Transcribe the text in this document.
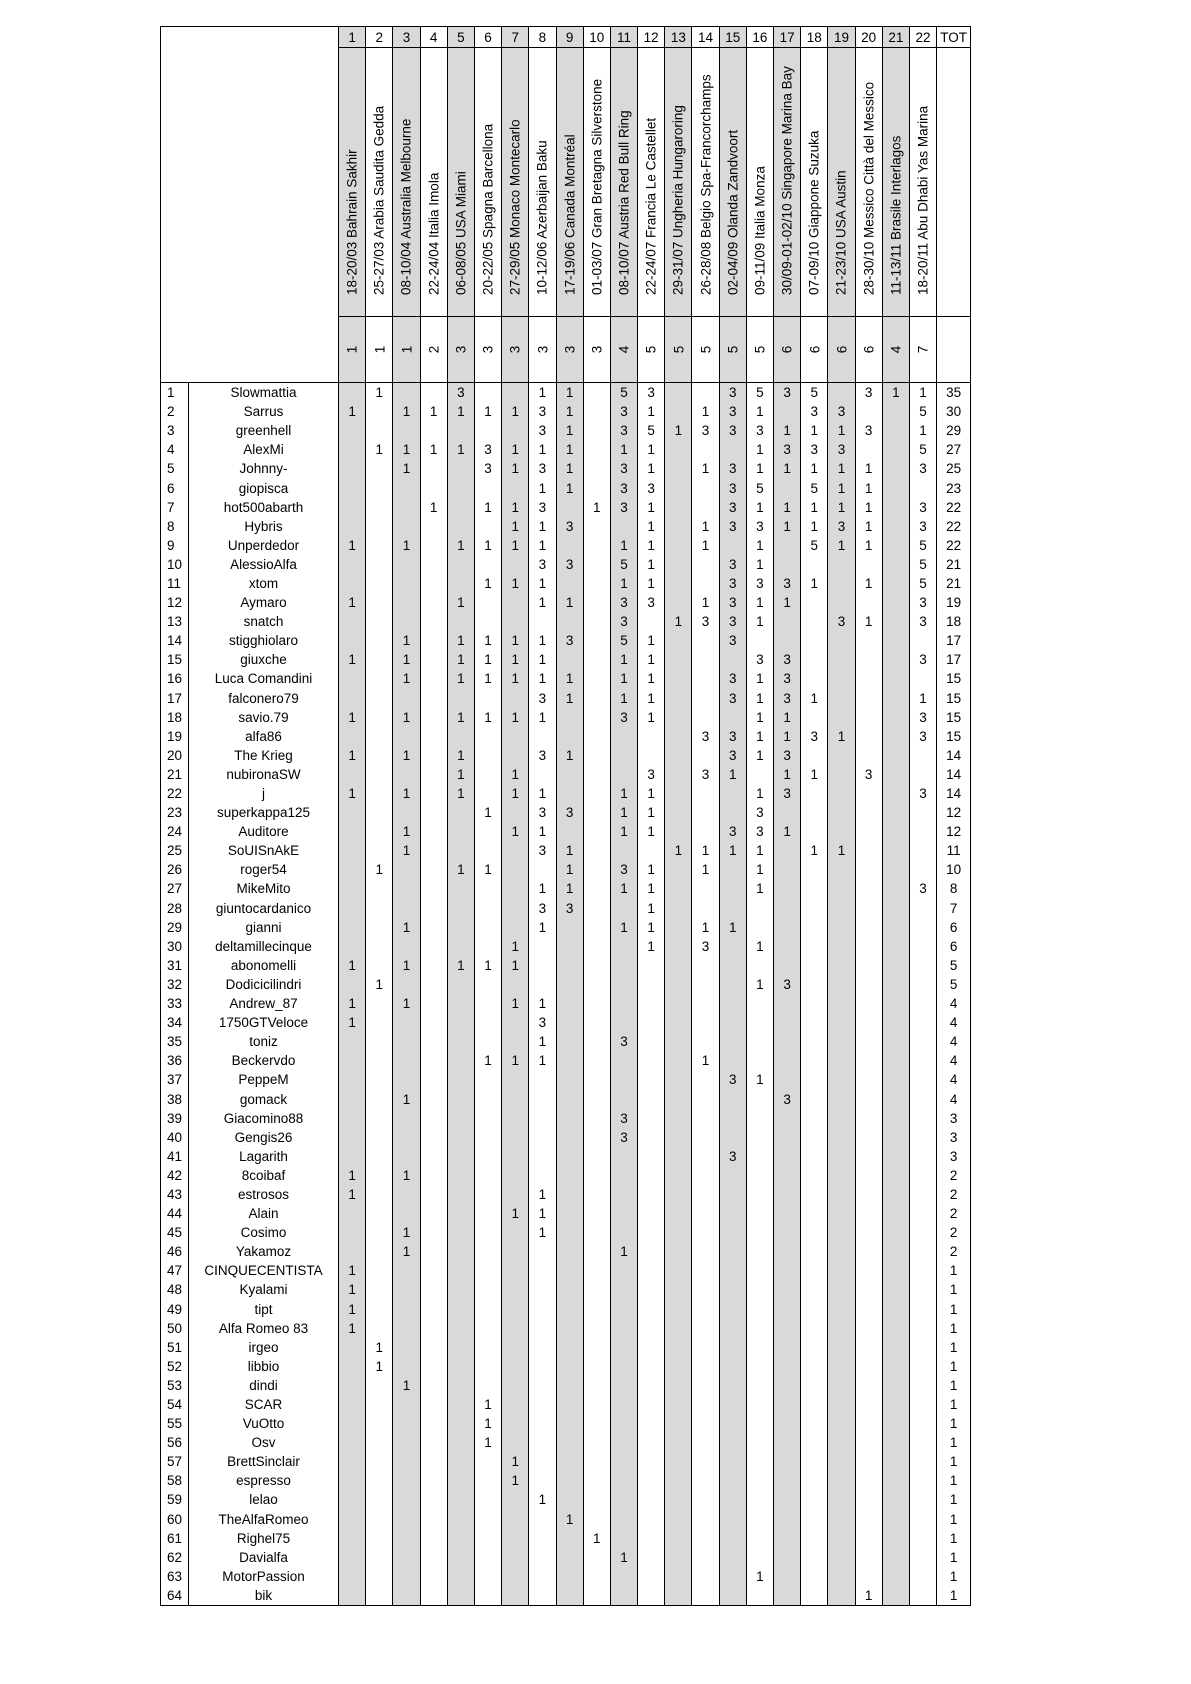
		1	2	3	4	5	6	7	8	9	10	11	12	13	14	15	16	17	18	19	20	21	22	TOT

		18-20/03 Bahrain Sakhir	25-27/03 Arabia Saudita Gedda	08-10/04 Australia Melbourne	22-24/04 Italia Imola	06-08/05 USA Miami	20-22/05 Spagna Barcellona	27-29/05 Monaco Montecarlo	10-12/06 Azerbaijan Baku	17-19/06 Canada Montréal	01-03/07 Gran Bretagna Silverstone	08-10/07 Austria Red Bull Ring	22-24/07 Francia Le Castellet	29-31/07 Ungheria Hungaroring	26-28/08 Belgio Spa-Francorchamps	02-04/09 Olanda Zandvoort	09-11/09 Italia Monza	30/09-01-02/10 Singapore Marina Bay	07-09/10 Giappone Suzuka	21-23/10 USA Austin	28-30/10 Messico Città del Messico	11-13/11 Brasile Interlagos	18-20/11 Abu Dhabi Yas Marina	

		1	1	1	2	3	3	3	3	3	3	4	5	5	5	5	5	6	6	6	6	4	7	
1	Slowmattia		1			3			1	1		5	3			3	5	3	5		3	1	1	35
2	Sarrus	1		1	1	1	1	1	3	1		3	1		1	3	1		3	3			5	30
3	greenhell								3	1		3	5	1	3	3	3	1	1	1	3		1	29
4	AlexMi		1	1	1	1	3	1	1	1		1	1				1	3	3	3			5	27
5	Johnny-			1			3	1	3	1		3	1		1	3	1	1	1	1	1		3	25
6	giopisca								1	1		3	3			3	5		5	1	1			23
7	hot500abarth				1		1	1	3		1	3	1			3	1	1	1	1	1		3	22
8	Hybris							1	1	3			1		1	3	3	1	1	3	1		3	22
9	Unperdedor	1		1		1	1	1	1			1	1		1		1		5	1	1		5	22
10	AlessioAlfa								3	3		5	1			3	1						5	21
11	xtom						1	1	1			1	1			3	3	3	1		1		5	21
12	Aymaro	1				1			1	1		3	3		1	3	1	1					3	19
13	snatch											3		1	3	3	1			3	1		3	18
14	stigghiolaro			1		1	1	1	1	3		5	1			3								17
15	giuxche	1		1		1	1	1	1			1	1				3	3					3	17
16	Luca Comandini			1		1	1	1	1	1		1	1			3	1	3						15
17	falconero79								3	1		1	1			3	1	3	1				1	15
18	savio.79	1		1		1	1	1	1			3	1				1	1					3	15
19	alfa86														3	3	1	1	3	1			3	15
20	The Krieg	1		1		1			3	1						3	1	3						14
21	nubironaSW					1		1					3		3	1		1	1		3			14
22	j	1		1		1		1	1			1	1				1	3					3	14
23	superkappa125						1		3	3		1	1				3							12
24	Auditore			1				1	1			1	1			3	3	1						12
25	SoUISnAkE			1					3	1				1	1	1	1		1	1				11
26	roger54		1			1	1			1		3	1		1		1							10
27	MikeMito								1	1		1	1				1						3	8
28	giuntocardanico								3	3			1											7
29	gianni			1					1			1	1		1	1								6
30	deltamillecinque							1					1		3		1							6
31	abonomelli	1		1		1	1	1																5
32	Dodicicilindri		1														1	3						5
33	Andrew_87	1		1				1	1															4
34	1750GTVeloce	1							3															4
35	toniz								1			3												4
36	Beckervdo						1	1	1						1									4
37	PeppeM															3	1							4
38	gomack			1														3						4
39	Giacomino88											3												3
40	Gengis26											3												3
41	Lagarith															3								3
42	8coibaf	1		1																				2
43	estrosos	1							1															2
44	Alain							1	1															2
45	Cosimo			1					1															2
46	Yakamoz			1								1												2
47	CINQUECENTISTA	1																						1
48	Kyalami	1																						1
49	tipt	1																						1
50	Alfa Romeo 83	1																						1
51	irgeo		1																					1
52	libbio		1																					1
53	dindi			1																				1
54	SCAR						1																	1
55	VuOtto						1																	1
56	Osv						1																	1
57	BrettSinclair							1																1
58	espresso							1																1
59	lelao								1															1
60	TheAlfaRomeo									1														1
61	Righel75										1													1
62	Davialfa											1												1
63	MotorPassion																1							1
64	bik																				1			1
